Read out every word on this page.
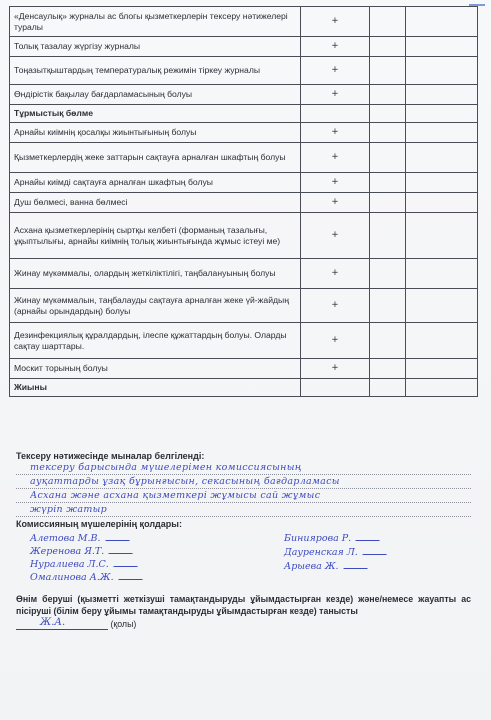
«Денсаулық» журналы ас блогы қызметкерлерін тексеру нәтижелері туралы	+		
Толық тазалау жүргізу журналы	+		
Тоңазытқыштардың температуралық режимін тіркеу журналы	+		
Өндірістік бақылау бағдарламасының болуы	+		
Тұрмыстық бөлме			
Арнайы киімнің қосалқы жиынтығының болуы	+		
Қызметкерлердің жеке заттарын сақтауға арналған шкафтың болуы	+		
Арнайы киімді сақтауға арналған шкафтың болуы	+		
Душ бөлмесі, ванна бөлмесі	+		
Асхана қызметкерлерінің сыртқы келбеті (форманың тазалығы, ұқыптылығы, арнайы киімнің толық жиынтығында жұмыс істеуі ме)	+		
Жинау мүкәммалы, олардың жеткіліктілігі, таңбалануының болуы	+		
Жинау мүкәммалын, таңбалауды сақтауға арналған жеке үй-жайдың (арнайы орындардың) болуы	+		
Дезинфекциялық құралдардың, ілеспе құжаттардың болуы. Оларды сақтау шарттары.	+		
Москит торының болуы	+		
Жиыны			
Тексеру нәтижесінде мыналар белгіленді:
тексеру барысында мүшелерімен комиссиясының
ауқаттарды ұзақ бұрынғысын, секасының бағдарламасы
Асхана және асхана қызметкері жұмысы сай жұмыс
жүріп жатыр
Комиссияның мүшелерінің қолдары:
Алетова М.В.
Жеренова Я.Т.
Нуралиева Л.С.
Омалинова А.Ж.
Биниярова Р.
Дауренская Л.
Арыева Ж.
Өнім беруші (қызметті жеткізуші тамақтандыруды ұйымдастырған кезде) және/немесе жауапты ас пісіруші (білім беру ұйымы тамақтандыруды ұйымдастырған кезде) танысты
Ж.А.	(қолы)
